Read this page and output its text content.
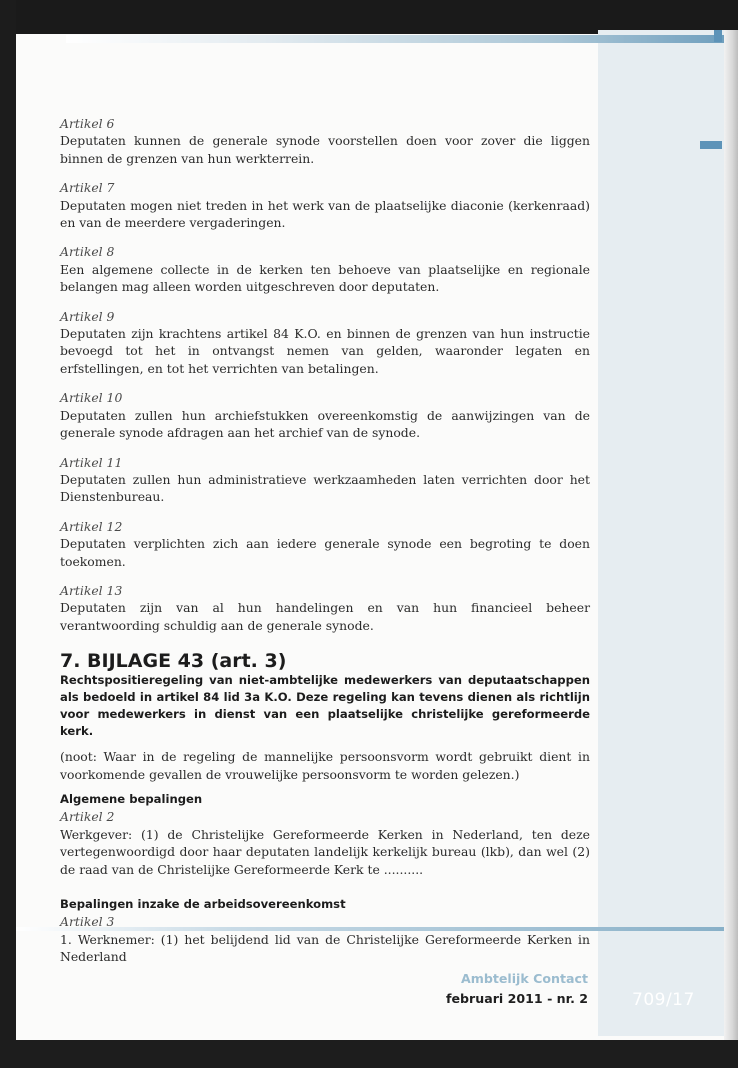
Artikel 6
Deputaten kunnen de generale synode voorstellen doen voor zover die liggen binnen de grenzen van hun werkterrein.
Artikel 7
Deputaten mogen niet treden in het werk van de plaatselijke diaconie (kerkenraad) en van de meerdere vergaderingen.
Artikel 8
Een algemene collecte in de kerken ten behoeve van plaatselijke en regionale belangen mag alleen worden uitgeschreven door deputaten.
Artikel 9
Deputaten zijn krachtens artikel 84 K.O. en binnen de grenzen van hun instructie bevoegd tot het in ontvangst nemen van gelden, waaronder legaten en erfstellingen, en tot het verrichten van betalingen.
Artikel 10
Deputaten zullen hun archiefstukken overeenkomstig de aanwijzingen van de generale synode afdragen aan het archief van de synode.
Artikel 11
Deputaten zullen hun administratieve werkzaamheden laten verrichten door het Dienstenbureau.
Artikel 12
Deputaten verplichten zich aan iedere generale synode een begroting te doen toekomen.
Artikel 13
Deputaten zijn van al hun handelingen en van hun financieel beheer verantwoording schuldig aan de generale synode.
7. BIJLAGE 43 (art. 3)
Rechtspositieregeling van niet-ambtelijke medewerkers van deputaatschappen als bedoeld in artikel 84 lid 3a K.O. Deze regeling kan tevens dienen als richtlijn voor medewerkers in dienst van een plaatselijke christelijke gereformeerde kerk.
(noot: Waar in de regeling de mannelijke persoonsvorm wordt gebruikt dient in voorkomende gevallen de vrouwelijke persoonsvorm te worden gelezen.)
Algemene bepalingen
Artikel 2
Werkgever: (1) de Christelijke Gereformeerde Kerken in Nederland, ten deze vertegenwoordigd door haar deputaten landelijk kerkelijk bureau (lkb), dan wel (2) de raad van de Christelijke Gereformeerde Kerk te ..........
Bepalingen inzake de arbeidsovereenkomst
Artikel 3
1. Werknemer: (1) het belijdend lid van de Christelijke Gereformeerde Kerken in Nederland
Ambtelijk Contact
februari 2011 - nr. 2	709/17
